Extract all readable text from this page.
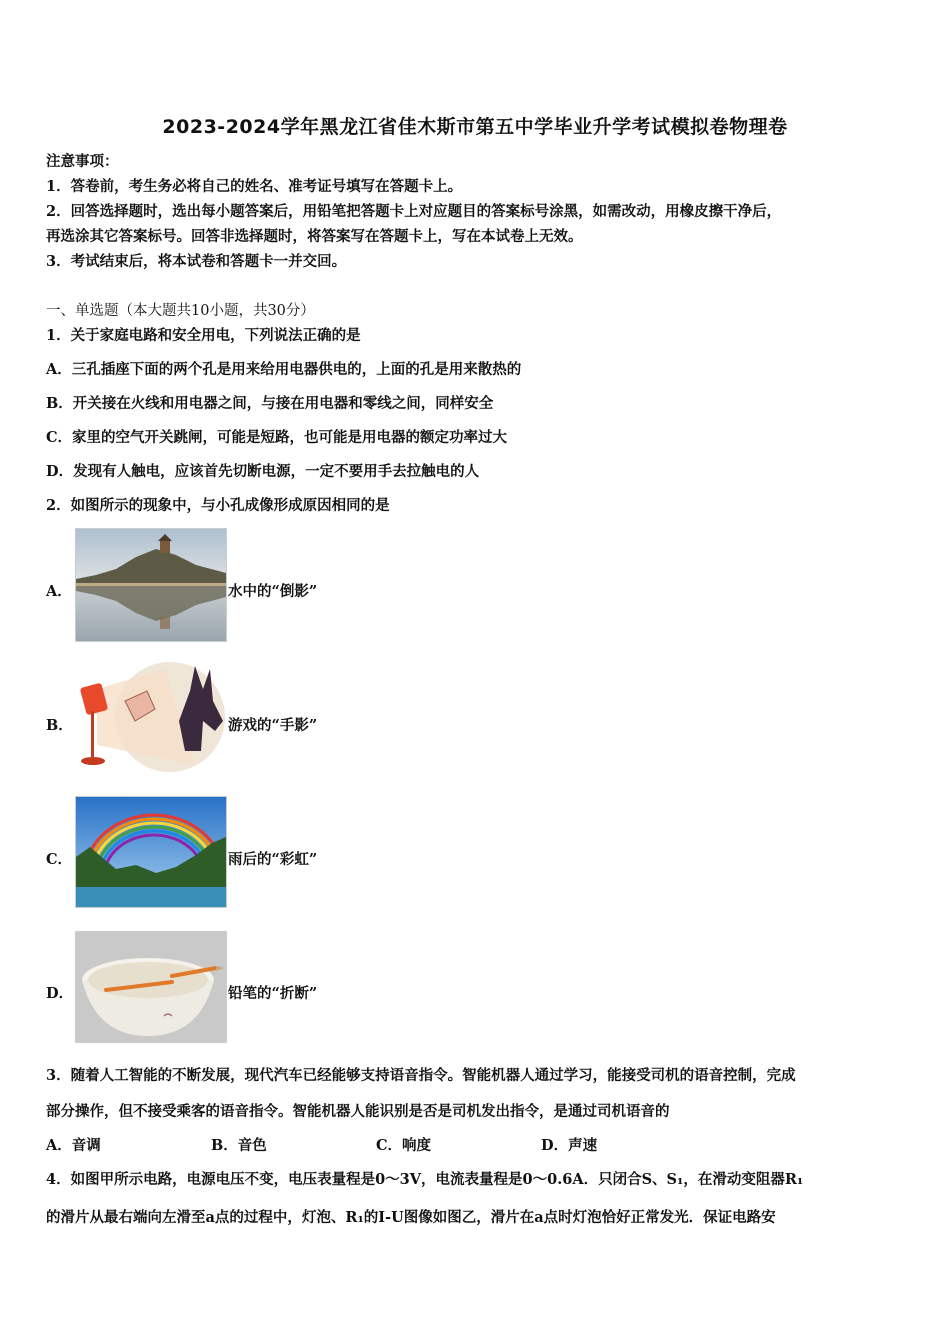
2023-2024学年黑龙江省佳木斯市第五中学毕业升学考试模拟卷物理卷
注意事项：
1．答卷前，考生务必将自己的姓名、准考证号填写在答题卡上。
2．回答选择题时，选出每小题答案后，用铅笔把答题卡上对应题目的答案标号涂黑，如需改动，用橡皮擦干净后，
再选涂其它答案标号。回答非选择题时，将答案写在答题卡上，写在本试卷上无效。
3．考试结束后，将本试卷和答题卡一并交回。
一、单选题（本大题共10小题，共30分）
1．关于家庭电路和安全用电，下列说法正确的是
A．三孔插座下面的两个孔是用来给用电器供电的，上面的孔是用来散热的
B．开关接在火线和用电器之间，与接在用电器和零线之间，同样安全
C．家里的空气开关跳闸，可能是短路，也可能是用电器的额定功率过大
D．发现有人触电，应该首先切断电源，一定不要用手去拉触电的人
2．如图所示的现象中，与小孔成像形成原因相同的是
A．	水中的“倒影”
B．	游戏的“手影”
C．	雨后的“彩虹”
D．	铅笔的“折断”
3．随着人工智能的不断发展，现代汽车已经能够支持语音指令。智能机器人通过学习，能接受司机的语音控制，完成
部分操作，但不接受乘客的语音指令。智能机器人能识别是否是司机发出指令，是通过司机语音的
A．音调	B．音色	C．响度	D．声速
4．如图甲所示电路，电源电压不变，电压表量程是0～3V，电流表量程是0～0.6A．只闭合S、S₁，在滑动变阻器R₁
的滑片从最右端向左滑至a点的过程中，灯泡、R₁的I-U图像如图乙，滑片在a点时灯泡恰好正常发光．保证电路安
